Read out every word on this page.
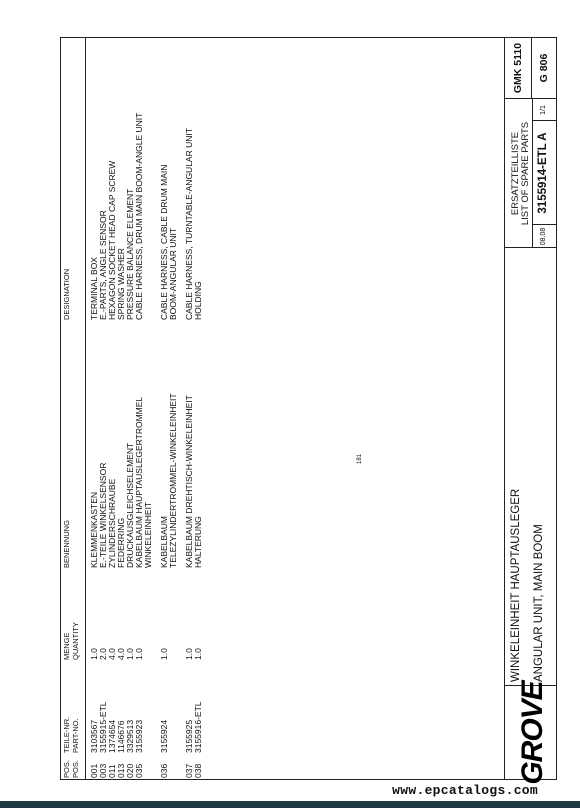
POS. POS.
TEILE-NR. PART-NO.
MENGE QUANTITY
BENENNUNG
DESIGNATION
001
3103567
1.0
KLEMMENKASTEN
TERMINAL BOX
003
3155915-ETL
2.0
E.-TEILE WINKELSENSOR
E.-PARTS, ANGLE SENSOR
011
1374654
4.0
ZYLINDERSCHRAUBE
HEXAGON SOCKET HEAD CAP SCREW
013
1146676
4.0
FEDERRING
SPRING WASHER
020
3329513
1.0
DRUCKAUSGLEICHSELEMENT
PRESSURE BALANCE ELEMENT
035
3155923
1.0
KABELBAUM HAUPTAUSLEGERTROMMEL WINKELEINHEIT
CABLE HARNESS, DRUM MAIN BOOM-ANGLE UNIT
036
3155924
1.0
KABELBAUM TELEZYLINDERTROMMEL-WINKELEINHEIT
CABLE HARNESS, CABLE DRUM MAIN BOOM-ANGULAR UNIT
037
3155925
1.0
KABELBAUM DREHTISCH-WINKELEINHEIT
CABLE HARNESS, TURNTABLE-ANGULAR UNIT
038
3155916-ETL
1.0
HALTERUNG
HOLDING
181
GROVE
WINKELEINHEIT HAUPTAUSLEGER ANGULAR UNIT, MAIN BOOM
ERSATZTEILLISTE LIST OF SPARE PARTS
08.08
3155914-ETL A
1/1
GMK 5110 G 806
www.epcatalogs.com
